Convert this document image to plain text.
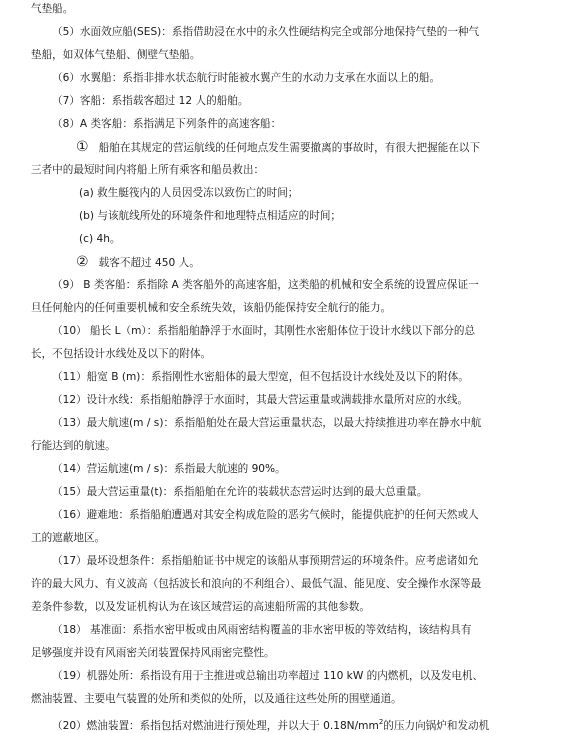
气垫船。
（5）水面效应船(SES)：系指借助浸在水中的永久性硬结构完全或部分地保持气垫的一种气
垫船，如双体气垫船、侧壁气垫船。
（6）水翼船：系指非排水状态航行时能被水翼产生的水动力支承在水面以上的船。
（7）客船：系指载客超过 12 人的船舶。
（8）A 类客船：系指满足下列条件的高速客船：
① 船舶在其规定的营运航线的任何地点发生需要撤离的事故时，有很大把握能在以下
三者中的最短时间内将船上所有乘客和船员救出：
(a) 救生艇筏内的人员因受冻以致伤亡的时间；
(b) 与该航线所处的环境条件和地理特点相适应的时间；
(c) 4h。
② 载客不超过 450 人。
（9） B 类客船：系指除 A 类客船外的高速客船，这类船的机械和安全系统的设置应保证一
旦任何舱内的任何重要机械和安全系统失效，该船仍能保持安全航行的能力。
（10） 船长 L（m）：系指船舶静浮于水面时，其刚性水密船体位于设计水线以下部分的总
长，不包括设计水线处及以下的附体。
（11）船宽 B (m)：系指刚性水密船体的最大型宽，但不包括设计水线处及以下的附体。
（12）设计水线：系指船舶静浮于水面时，其最大营运重量或满载排水量所对应的水线。
（13）最大航速(m / s)：系指船舶处在最大营运重量状态，以最大持续推进功率在静水中航
行能达到的航速。
（14）营运航速(m / s)：系指最大航速的 90%。
（15）最大营运重量(t)：系指船舶在允许的装载状态营运时达到的最大总重量。
（16）避难地：系指船舶遭遇对其安全构成危险的恶劣气候时，能提供庇护的任何天然或人
工的遮蔽地区。
（17）最坏设想条件：系指船舶证书中规定的该船从事预期营运的环境条件。应考虑诸如允
许的最大风力、有义波高（包括波长和浪向的不利组合）、最低气温、能见度、安全操作水深等最
差条件参数，以及发证机构认为在该区域营运的高速船所需的其他参数。
（18） 基准面：系指水密甲板或由风雨密结构覆盖的非水密甲板的等效结构，该结构具有
足够强度并设有风雨密关闭装置保持风雨密完整性。
（19）机器处所：系指设有用于主推进或总输出功率超过 110 kW 的内燃机，以及发电机、
燃油装置、主要电气装置的处所和类似的处所，以及通往这些处所的围壁通道。
（20）燃油装置：系指包括对燃油进行预处理，并以大于 $0.18N/mm^2$的压力向锅炉和发动机
